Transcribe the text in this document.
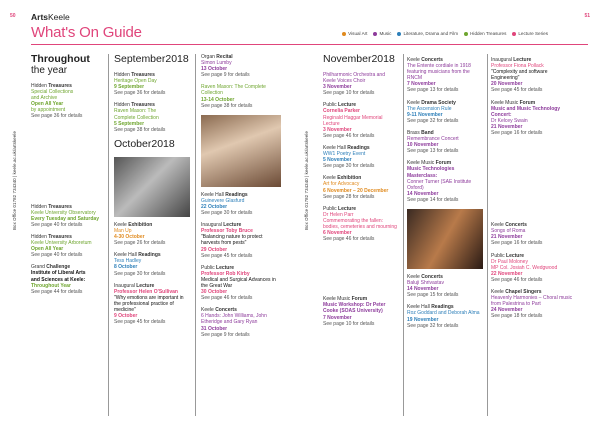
50	51
ArtsKeele
What's On Guide	Visual Art	Music	Literature, Drama and Film	Hidden Treasures	Lecture Series
Box Office 01782 734340 | keele.ac.uk/artskeele	Box Office 01782 734340 | keele.ac.uk/artskeele
Throughout
the year
Hidden Treasures
Special Collections
and Archive
Open All Year
by appointment
See page 36 for details
Hidden Treasures
Keele University Observatory
Every Tuesday and Saturday
See page 40 for details
Hidden Treasures
Keele University Arboretum
Open All Year
See page 40 for details
Grand Challenge
Institute of Liberal Arts
and Sciences at Keele:
Throughout Year
See page 44 for details
September2018
Hidden Treasures
Heritage Open Day
9 September
See page 36 for details
Hidden Treasures
Raven Mason: The
Complete Collection
5 September
See page 38 for details
October2018
Keele Exhibition
Man Up
4-30 October
See page 26 for details
Keele Hall Readings
Tess Hadley
8 October
See page 30 for details
Inaugural Lecture
Professor Helen O'Sullivan
"Why emotions are important in the professional practice of medicine"
9 October
See page 45 for details
Organ Recital
Simon Lumby
13 October
See page 9 for details
Raven Mason: The Complete Collection
13-14 October
See page 38 for details
Keele Hall Readings
Guinevere Glasfurd
22 October
See page 30 for details
Inaugural Lecture
Professor Toby Bruce
"Balancing nature to protect harvests from pests"
29 October
See page 45 for details
Public Lecture
Professor Rob Kirby
Medical and Surgical Advances in the Great War
30 October
See page 46 for details
Keele Concerts
6 Hands: John Williams, John Etheridge and Gary Ryan
31 October
See page 9 for details
November2018
Philharmonic Orchestra and Keele Voices Choir
3 November
See page 10 for details
Public Lecture
Cornelia Parker
Reginald Haggar Memorial Lecture
3 November
See page 46 for details
Keele Hall Readings
WW1 Poetry Event
5 November
See page 30 for details
Keele Exhibition
Art for Advocacy
6 November – 20 December
See page 28 for details
Public Lecture
Dr Helen Parr
Commemorating the fallen: bodies, cemeteries and mourning
6 November
See page 46 for details
Keele Music Forum
Music Workshop: Dr Peter Cooke (SOAS University)
7 November
See page 10 for details
Keele Concerts
The Entente cordiale in 1918 featuring musicians from the RNCM
7 November
See page 13 for details
Keele Drama Society
The Ascension Rule
9-11 November
See page 32 for details
Brass Band
Remembrance Concert
10 November
See page 13 for details
Keele Music Forum
Music Technologies Masterclass:
Conner Turner (SAE Institute Oxford)
14 November
See page 14 for details
Keele Concerts
Baluji Shrivastav
14 November
See page 15 for details
Keele Hall Readings
Roz Goddard and Deborah Alma
19 November
See page 32 for details
Inaugural Lecture
Professor Fiona Pollack
"Complexity and software Engineering"
20 November
See page 45 for details
Keele Music Forum
Music and Music Technology Concert:
Dr Kelcey Swain
21 November
See page 16 for details
Keele Concerts
Songs of Roma
21 November
See page 16 for details
Public Lecture
Dr Paul Moloney
MP Col. Josiah C. Wedgwood
22 November
See page 46 for details
Keele Chapel Singers
Heavenly Harmonies – Choral music from Palestrina to Part
24 November
See page 18 for details
